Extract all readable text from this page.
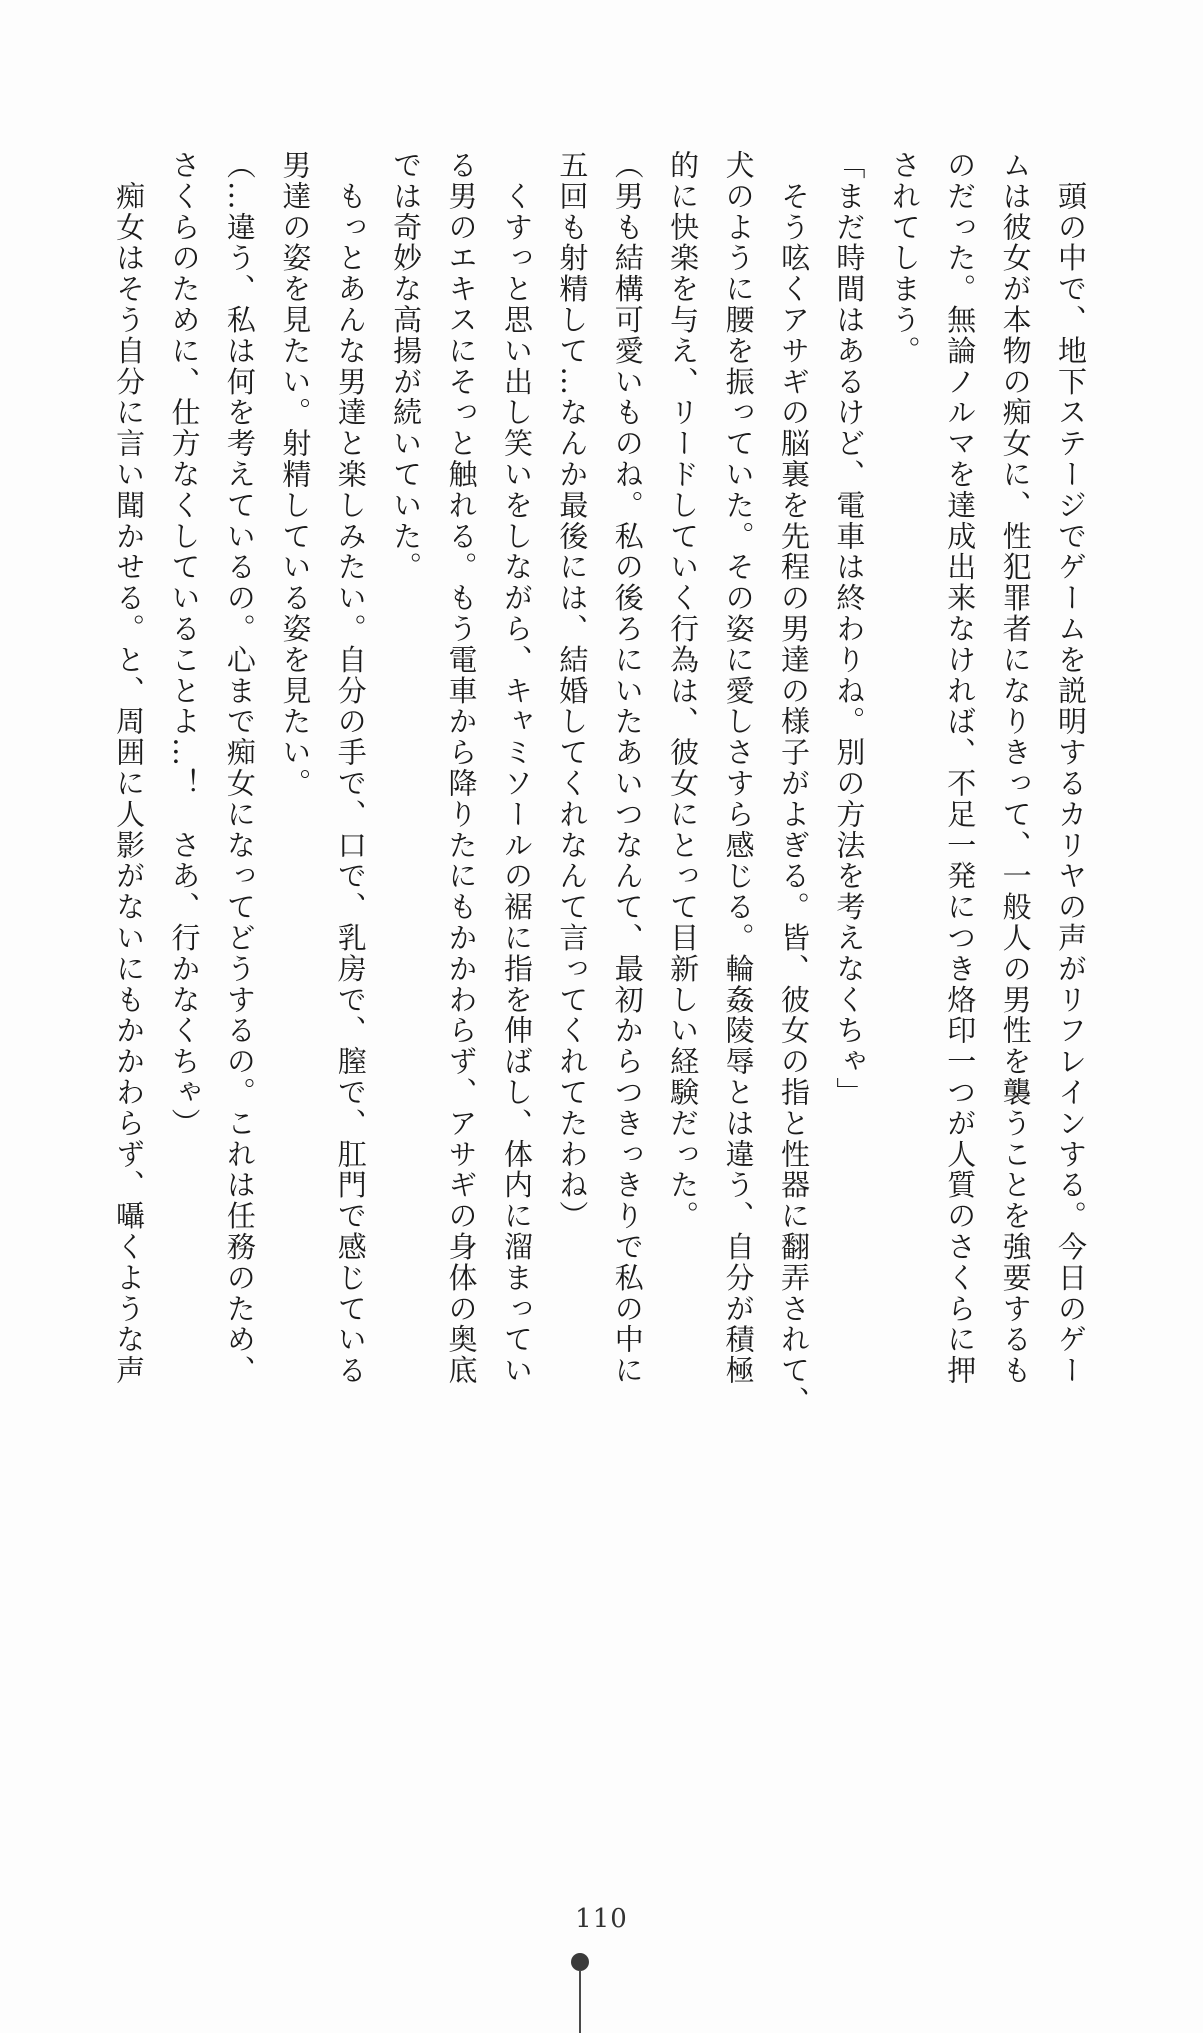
　頭の中で、地下ステージでゲームを説明するカリヤの声がリフレインする。今日のゲー
ムは彼女が本物の痴女に、性犯罪者になりきって、一般人の男性を襲うことを強要するも
のだった。無論ノルマを達成出来なければ、不足一発につき烙印一つが人質のさくらに押
されてしまう。
「まだ時間はあるけど、電車は終わりね。別の方法を考えなくちゃ」
　そう呟くアサギの脳裏を先程の男達の様子がよぎる。皆、彼女の指と性器に翻弄されて、
犬のように腰を振っていた。その姿に愛しさすら感じる。輪姦陵辱とは違う、自分が積極
的に快楽を与え、リードしていく行為は、彼女にとって目新しい経験だった。
（男も結構可愛いものね。私の後ろにいたあいつなんて、最初からつきっきりで私の中に
五回も射精して…なんか最後には、結婚してくれなんて言ってくれてたわね）
　くすっと思い出し笑いをしながら、キャミソールの裾に指を伸ばし、体内に溜まってい
る男のエキスにそっと触れる。もう電車から降りたにもかかわらず、アサギの身体の奥底
では奇妙な高揚が続いていた。
　もっとあんな男達と楽しみたい。自分の手で、口で、乳房で、膣で、肛門で感じている
男達の姿を見たい。射精している姿を見たい。
（…違う、私は何を考えているの。心まで痴女になってどうするの。これは任務のため、
さくらのために、仕方なくしていることよ…！　さあ、行かなくちゃ）
　痴女はそう自分に言い聞かせる。と、周囲に人影がないにもかかわらず、囁くような声
110
